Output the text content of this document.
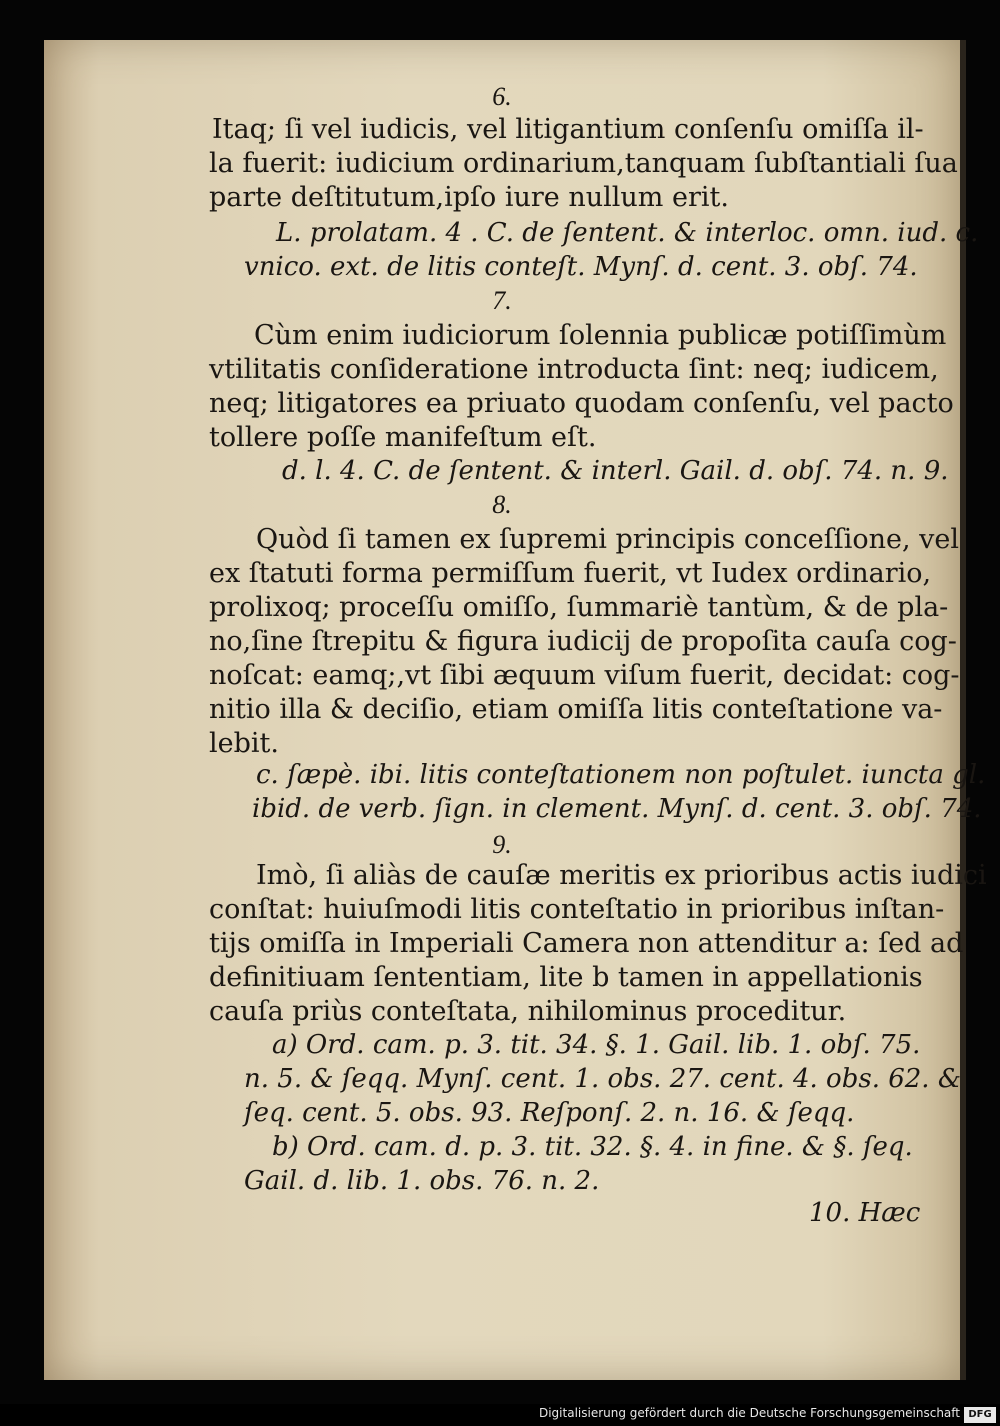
6.
Itaq; ſi vel iudicis, vel litigantium conſenſu omiſſa il-
la fuerit: iudicium ordinarium,tanquam ſubſtantiali ſua
parte deſtitutum,ipſo iure nullum erit.
L. prolatam. 4 . C. de ſentent. & interloc. omn. iud. c.
vnico. ext. de litis conteſt. Mynſ. d. cent. 3. obſ. 74.
7.
Cùm enim iudiciorum ſolennia publicæ potiſſimùm
vtilitatis conſideratione introducta ſint: neq; iudicem,
neq; litigatores ea priuato quodam conſenſu, vel pacto
tollere poſſe manifeſtum eſt.
d. l. 4. C. de ſentent. & interl. Gail. d. obſ. 74. n. 9.
8.
Quòd ſi tamen ex ſupremi principis conceſſione, vel
ex ſtatuti forma permiſſum fuerit, vt Iudex ordinario,
prolixoq; proceſſu omiſſo, ſummariè tantùm, & de pla-
no,ſine ſtrepitu & figura iudicij de propoſita cauſa cog-
noſcat: eamq;,vt ſibi æquum viſum fuerit, decidat: cog-
nitio illa & deciſio, etiam omiſſa litis conteſtatione va-
lebit.
c. ſæpè. ibi. litis conteſtationem non poſtulet. iuncta gl.
ibid. de verb. ſign. in clement. Mynſ. d. cent. 3. obſ. 74.
9.
Imò, ſi aliàs de cauſæ meritis ex prioribus actis iudici
conſtat: huiuſmodi litis conteſtatio in prioribus inſtan-
tijs omiſſa in Imperiali Camera non attenditur a: ſed ad
definitiuam ſententiam, lite b tamen in appellationis
cauſa priùs conteſtata, nihilominus proceditur.
a) Ord. cam. p. 3. tit. 34. §. 1. Gail. lib. 1. obſ. 75.
n. 5. & ſeqq. Mynſ. cent. 1. obs. 27. cent. 4. obs. 62. &
ſeq. cent. 5. obs. 93. Reſponſ. 2. n. 16. & ſeqq.
b) Ord. cam. d. p. 3. tit. 32. §. 4. in fine. & §. ſeq.
Gail. d. lib. 1. obs. 76. n. 2.
10. Hæc
Digitalisierung gefördert durch die Deutsche Forschungsgemeinschaft DFG
